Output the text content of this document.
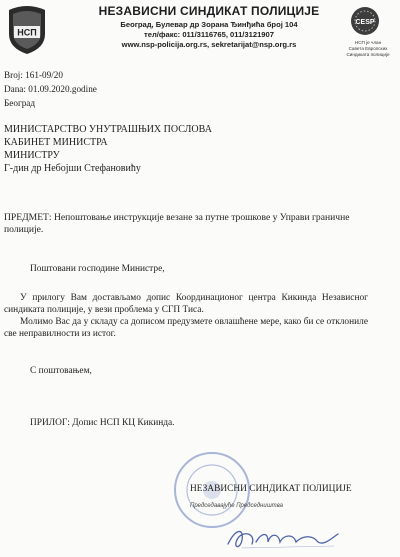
НСП
НЕЗАВИСНИ СИНДИКАТ ПОЛИЦИЈЕ
Београд, Булевар др Зорана Ђинђића број 104
тел/факс: 011/3116765, 011/3121907
www.nsp-policija.org.rs, sekretarijat@nsp.org.rs
CESP
НСП је члан
Савета Европских
Синдиката полиције
Broj: 161-09/20
Dana: 01.09.2020.godine
Београд
МИНИСТАРСТВО УНУТРАШЊИХ ПОСЛОВА
КАБИНЕТ МИНИСТРА
МИНИСТРУ
Г-дин др Небојши Стефановићу
ПРЕДМЕТ: Непоштовање инструкције везане за путне трошкове у Управи граничне полиције.
Поштовани господине Министре,
У прилогу Вам достављамо допис Координационог центра Кикинда Независног синдиката полиције, у вези проблема у СГП Тиса.
Молимо Вас да у складу са дописом предузмете овлашћене мере, како би се отклониле све неправилности из истог.
С поштовањем,
ПРИЛОГ: Допис НСП КЦ Кикинда.
НЕЗАВИСНИ СИНДИКАТ ПОЛИЦИЈЕ
Председавајуће Председништва
